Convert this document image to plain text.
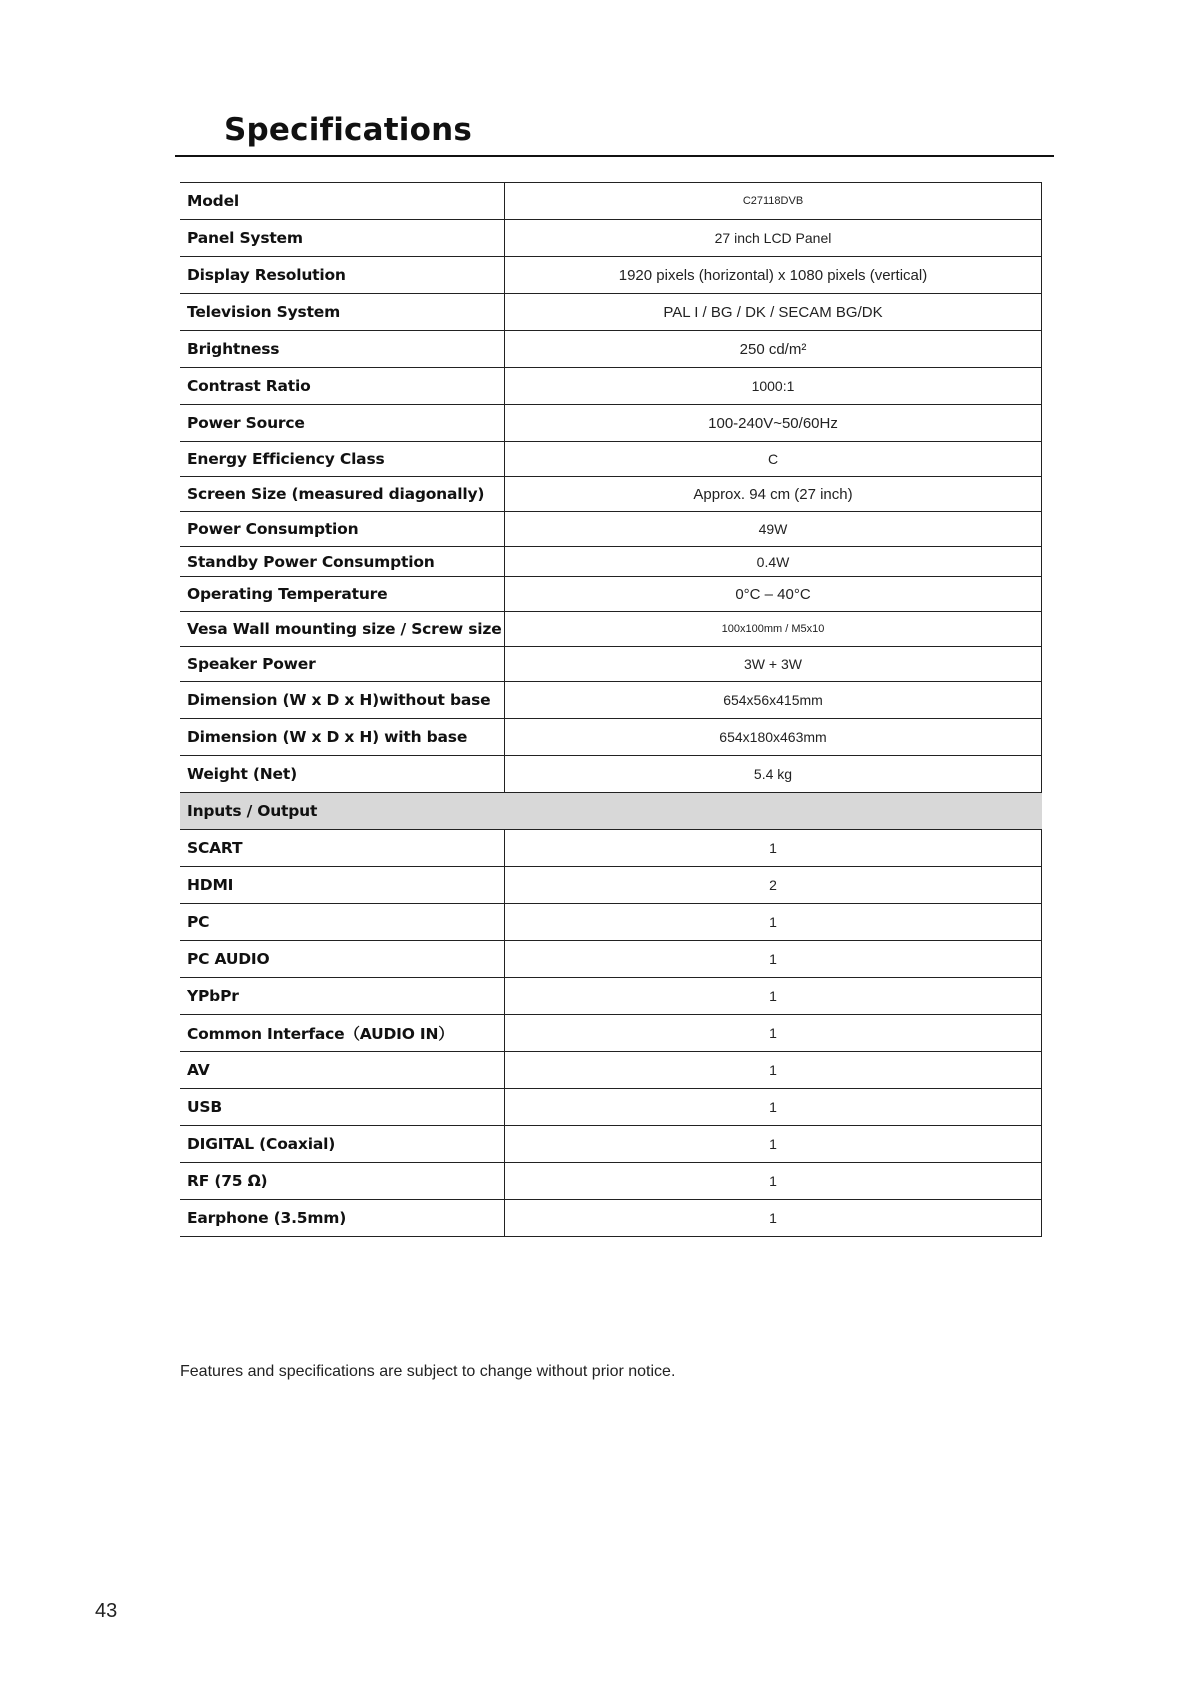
Specifications
Model	C27118DVB
Panel System	27 inch LCD Panel
Display Resolution	1920 pixels (horizontal) x 1080 pixels (vertical)
Television System	PAL I / BG / DK / SECAM BG/DK
Brightness	250 cd/m²
Contrast Ratio	1000:1
Power Source	100-240V~50/60Hz
Energy Efficiency Class	C
Screen Size (measured diagonally)	Approx. 94 cm (27 inch)
Power Consumption	49W
Standby Power Consumption	0.4W
Operating Temperature	0°C – 40°C
Vesa Wall mounting size / Screw size	100x100mm / M5x10
Speaker Power	3W + 3W
Dimension (W x D x H)without base	654x56x415mm
Dimension (W x D x H) with base	654x180x463mm
Weight (Net)	5.4 kg
Inputs / Output	
SCART	1
HDMI	2
PC	1
PC AUDIO	1
YPbPr	1
Common Interface（AUDIO IN）	1
AV	1
USB	1
DIGITAL (Coaxial)	1
RF (75 Ω)	1
Earphone (3.5mm)	1
Features and specifications are subject to change without prior notice.
43
